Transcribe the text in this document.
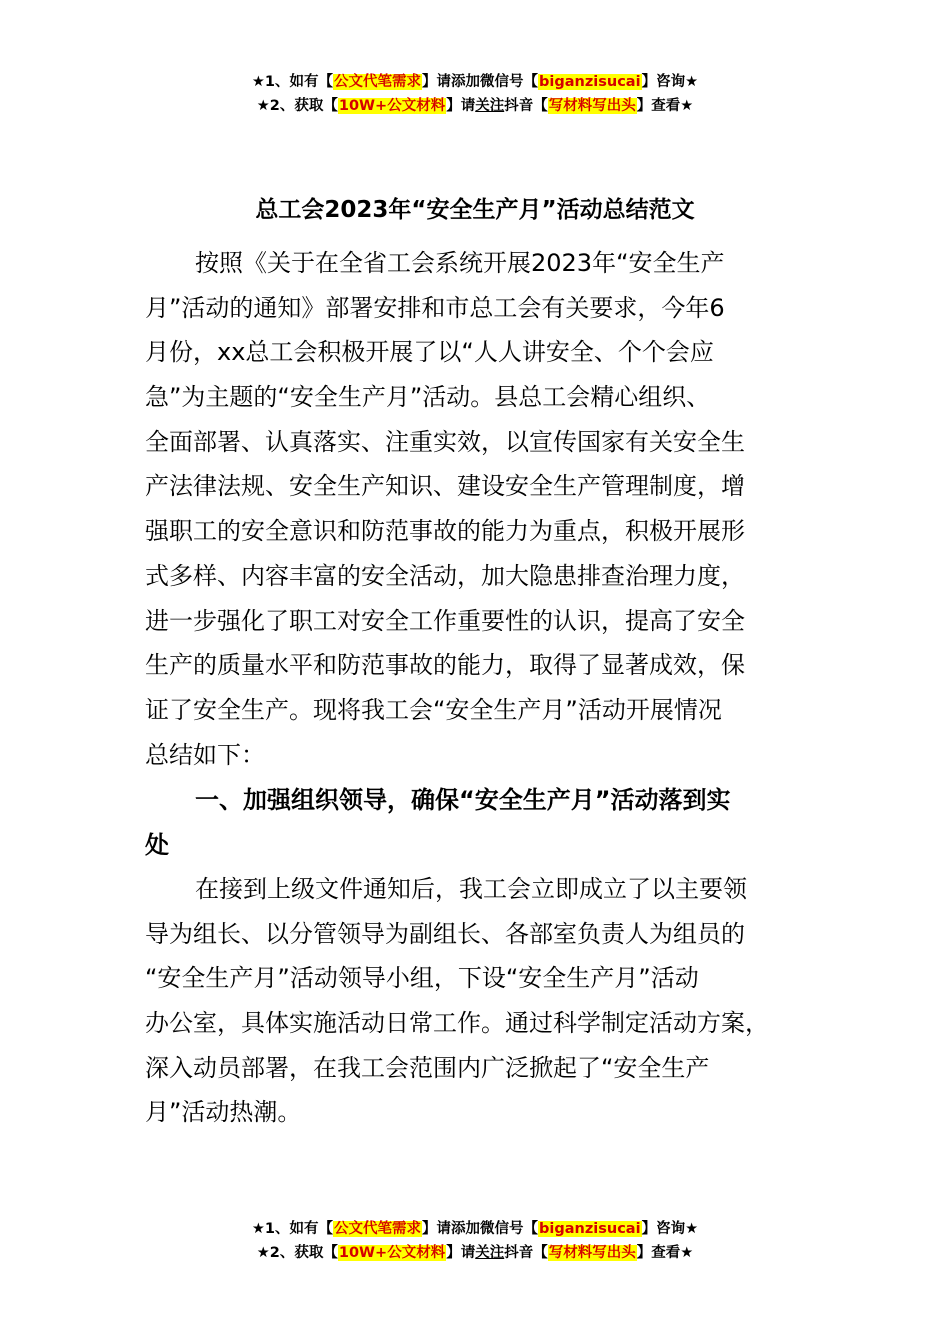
★1、如有【公文代笔需求】请添加微信号【biganzisucai】咨询★
★2、获取【10W+公文材料】请关注抖音【写材料写出头】查看★
总工会2023年“安全生产月”活动总结范文
按照《关于在全省工会系统开展2023年“安全生产
月”活动的通知》部署安排和市总工会有关要求，今年6
月份，xx总工会积极开展了以“人人讲安全、个个会应
急”为主题的“安全生产月”活动。县总工会精心组织、
全面部署、认真落实、注重实效，以宣传国家有关安全生
产法律法规、安全生产知识、建设安全生产管理制度，增
强职工的安全意识和防范事故的能力为重点，积极开展形
式多样、内容丰富的安全活动，加大隐患排查治理力度，
进一步强化了职工对安全工作重要性的认识，提高了安全
生产的质量水平和防范事故的能力，取得了显著成效，保
证了安全生产。现将我工会“安全生产月”活动开展情况
总结如下：
一、加强组织领导，确保“安全生产月”活动落到实
处
在接到上级文件通知后，我工会立即成立了以主要领
导为组长、以分管领导为副组长、各部室负责人为组员的
“安全生产月”活动领导小组，下设“安全生产月”活动
办公室，具体实施活动日常工作。通过科学制定活动方案，
深入动员部署，在我工会范围内广泛掀起了“安全生产
月”活动热潮。
★1、如有【公文代笔需求】请添加微信号【biganzisucai】咨询★
★2、获取【10W+公文材料】请关注抖音【写材料写出头】查看★
